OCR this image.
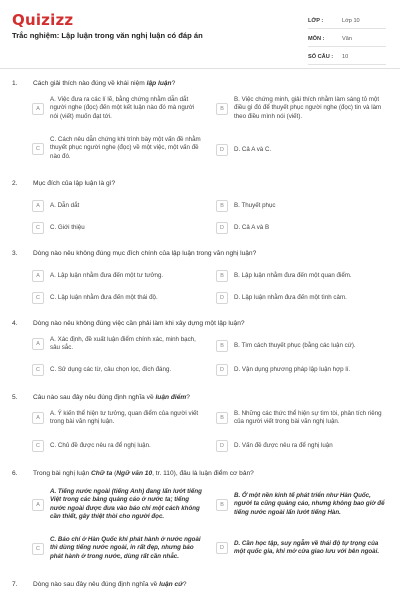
Quizizz
Trắc nghiệm: Lập luận trong văn nghị luận có đáp án
LỚP :	Lớp 10
MÔN :	Văn
SỐ CÂU :	10
1. Cách giải thích nào đúng về khái niệm lập luận?
A
A. Việc đưa ra các lí lẽ, bằng chứng nhằm dẫn dắt người nghe (đọc) đến một kết luận nào đó mà người nói (viết) muốn đạt tới.
B
B. Việc chứng minh, giải thích nhằm làm sáng tỏ một điều gì đó để thuyết phục người nghe (đọc) tin và làm theo điều mình nói (viết).
C
C. Cách nêu dẫn chứng khi trình bày một vấn đề nhằm thuyết phục người nghe (đọc) về một việc, một vấn đề nào đó.
D	D. Cả A và C.
2. Mục đích của lập luận là gì?
A	A. Dẫn dắt	B	B. Thuyết phục
C	C. Giới thiệu	D	D. Cả A và B
3. Dòng nào nêu không đúng mục đích chính của lập luận trong văn nghị luận?
A	A. Lập luận nhằm đưa đến một tư tưởng.	B	B. Lập luận nhằm đưa đến một quan điểm.
C	C. Lập luận nhằm đưa đến một thái độ.	D	D. Lập luận nhằm đưa đến một tình cảm.
4. Dòng nào nêu không đúng việc cần phải làm khi xây dựng một lập luận?
A
A. Xác định, đề xuất luận điểm chính xác, minh bạch, sâu sắc.	B	B. Tìm cách thuyết phục (bằng các luận cứ).
C	C. Sử dụng các từ, câu chọn lọc, đích đáng.	D	D. Vận dụng phương pháp lập luận hợp lí.
5. Câu nào sau đây nêu đúng định nghĩa về luận điểm?
A
A. Ý kiến thể hiện tư tưởng, quan điểm của người viết trong bài văn nghị luận.	B
B. Những các thức thể hiện sự tìm tòi, phân tích riêng của người viết trong bài văn nghị luận.
C	C. Chủ đề được nêu ra để nghị luận.	D	D. Vấn đề được nêu ra để nghị luận
6. Trong bài nghị luận Chữ ta (Ngữ văn 10, tr. 110), đâu là luận điểm cơ bản?
A
A. Tiếng nước ngoài (tiếng Anh) đang lấn lướt tiếng Việt trong các bảng quảng cáo ở nước ta; tiếng nước ngoài được đưa vào báo chí một cách không cần thiết, gây thiệt thòi cho người đọc.
B
B. Ở một nền kinh tế phát triển như Hàn Quốc, người ta cũng quảng cáo, nhưng không bao giờ để tiếng nước ngoài lấn lướt tiếng Hàn.
C
C. Báo chí ở Hàn Quốc khi phát hành ở nước ngoài thì dùng tiếng nước ngoài, in rất đẹp, nhưng báo phát hành ở trong nước, dùng rất cần nhắc.
D
D. Cần học tập, suy ngẫm về thái độ tự trọng của một quốc gia, khi mở cửa giao lưu với bên ngoài.
7. Dòng nào sau đây nêu đúng định nghĩa về luận cứ?
